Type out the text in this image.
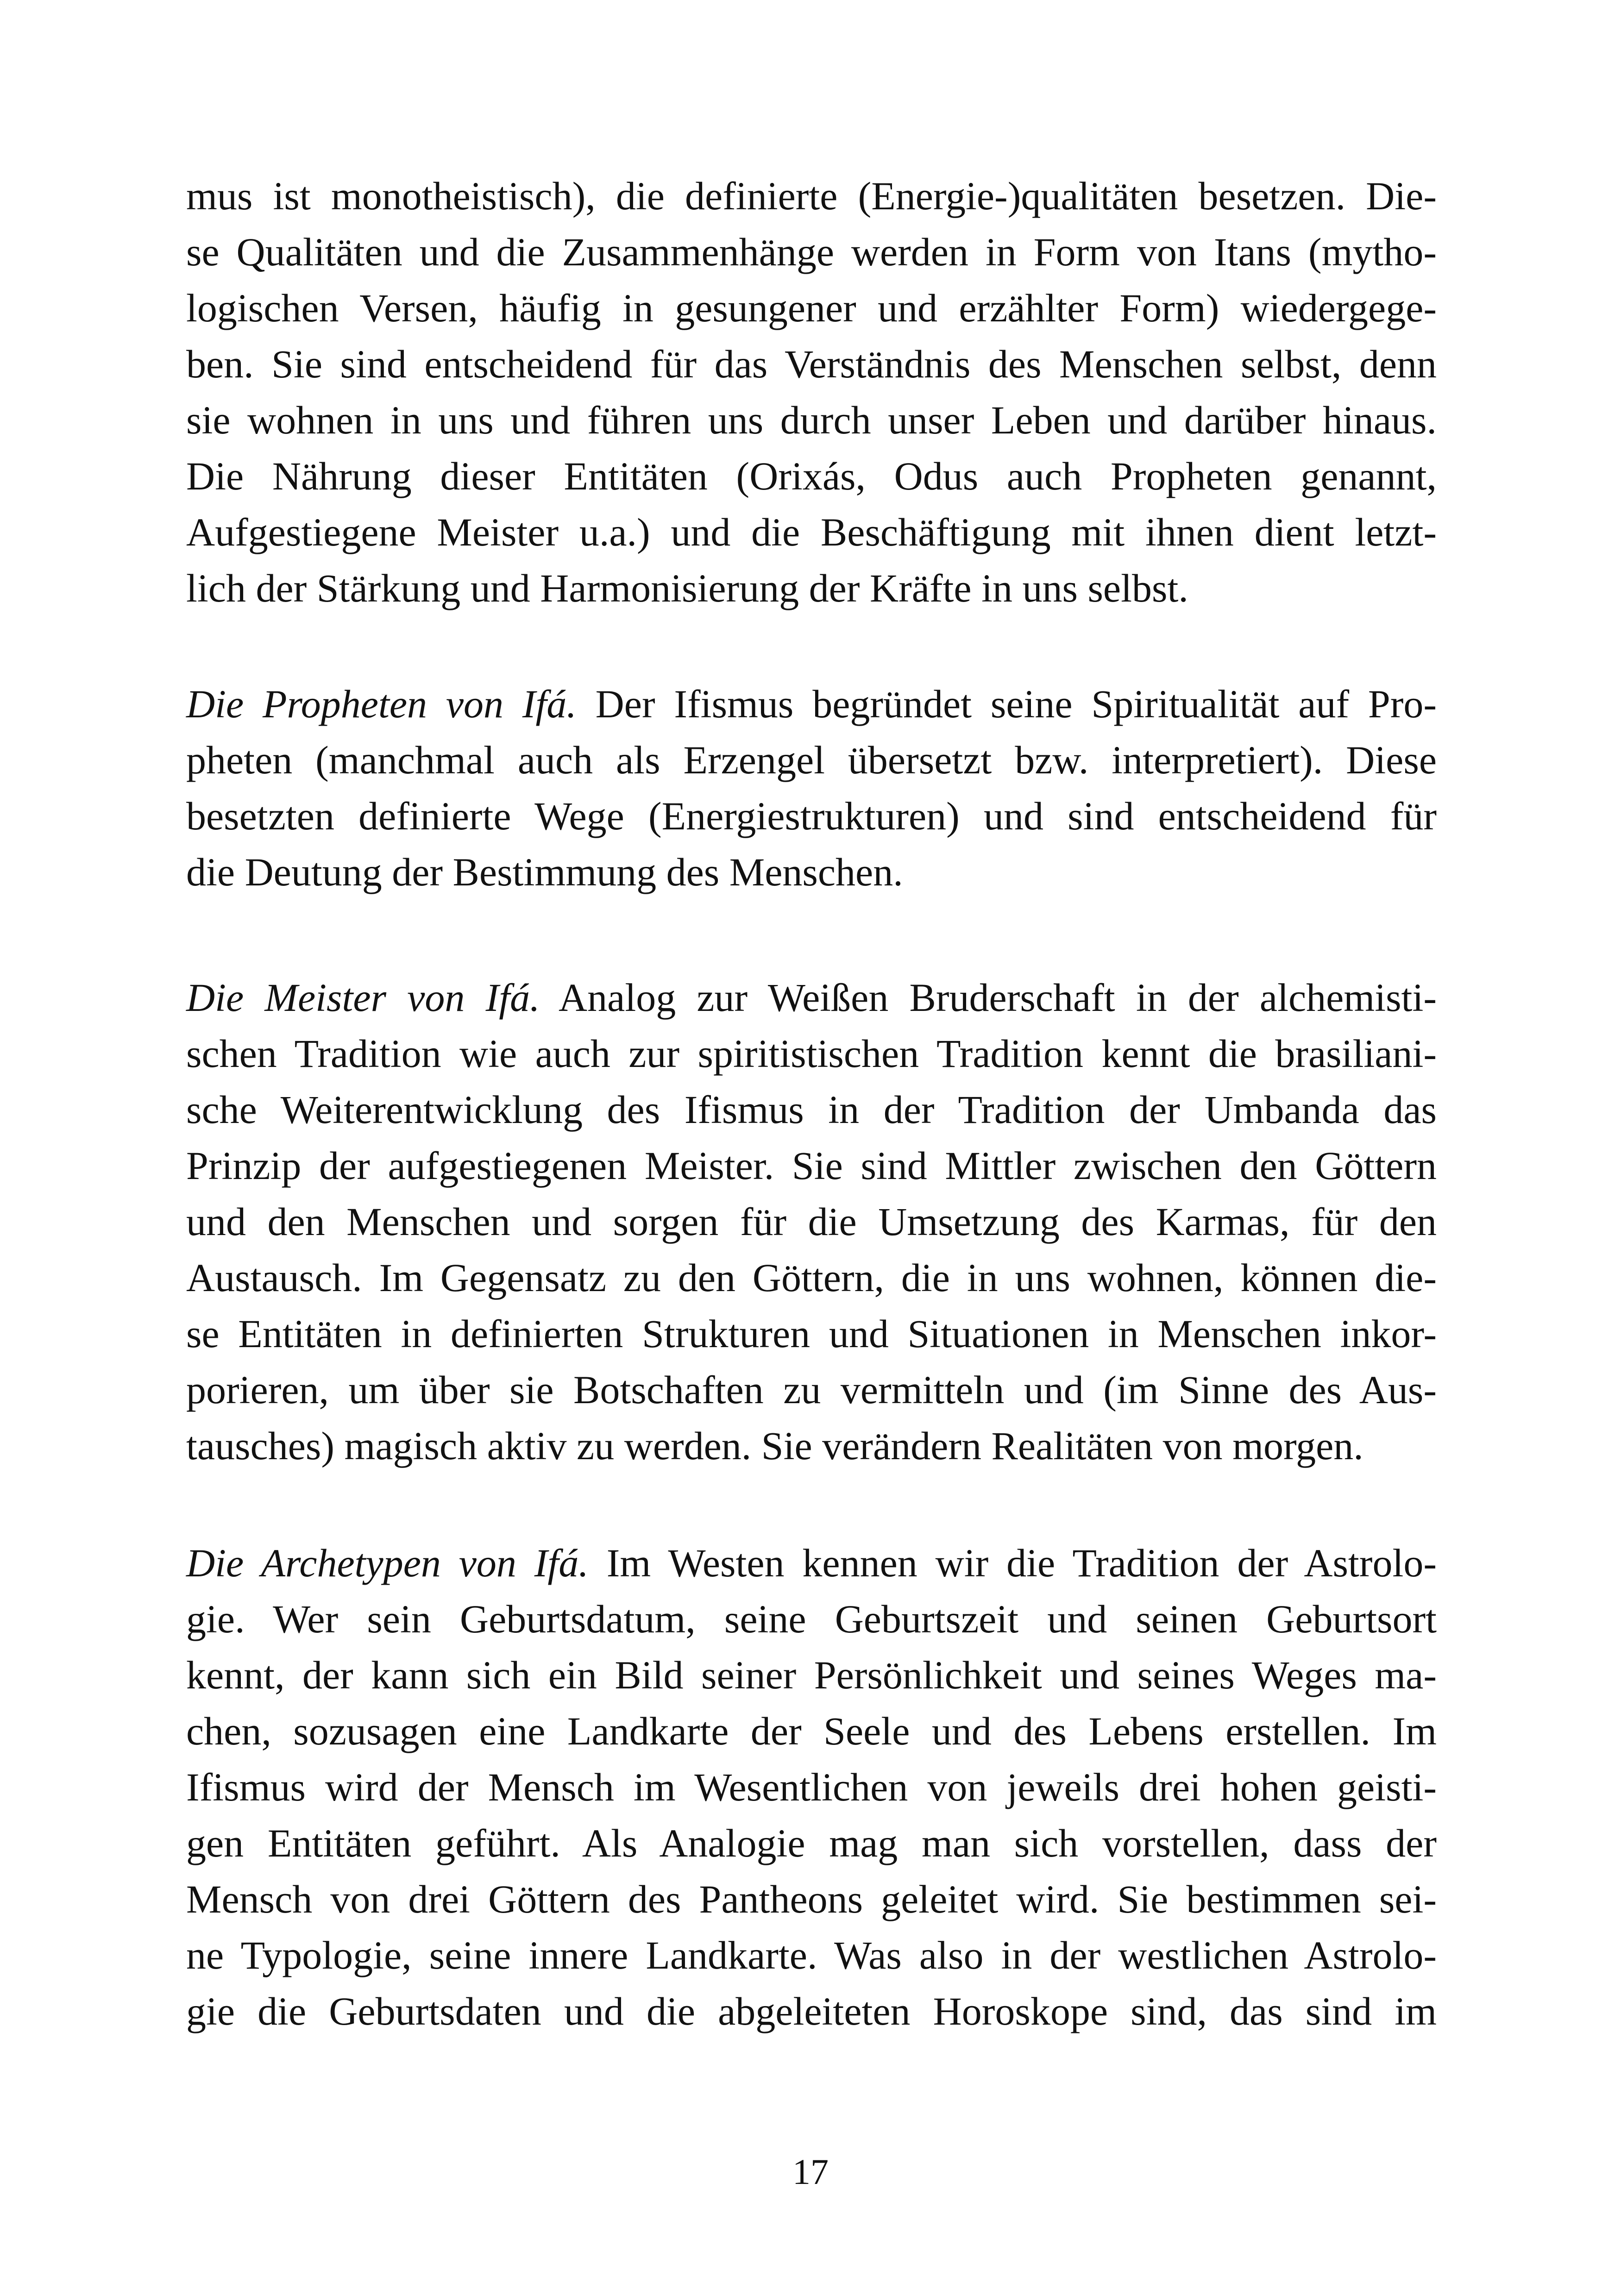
mus ist monotheistisch), die definierte (Energie-)qualitäten besetzen. Die-
se Qualitäten und die Zusammenhänge werden in Form von Itans (mytho-
logischen Versen, häufig in gesungener und erzählter Form) wiedergege-
ben. Sie sind entscheidend für das Verständnis des Menschen selbst, denn
sie wohnen in uns und führen uns durch unser Leben und darüber hinaus.
Die Nährung dieser Entitäten (Orixás, Odus auch Propheten genannt,
Aufgestiegene Meister u.a.) und die Beschäftigung mit ihnen dient letzt-
lich der Stärkung und Harmonisierung der Kräfte in uns selbst.
Die Propheten von Ifá. Der Ifismus begründet seine Spiritualität auf Pro-
pheten (manchmal auch als Erzengel übersetzt bzw. interpretiert). Diese
besetzten definierte Wege (Energiestrukturen) und sind entscheidend für
die Deutung der Bestimmung des Menschen.
Die Meister von Ifá. Analog zur Weißen Bruderschaft in der alchemisti-
schen Tradition wie auch zur spiritistischen Tradition kennt die brasiliani-
sche Weiterentwicklung des Ifismus in der Tradition der Umbanda das
Prinzip der aufgestiegenen Meister. Sie sind Mittler zwischen den Göttern
und den Menschen und sorgen für die Umsetzung des Karmas, für den
Austausch. Im Gegensatz zu den Göttern, die in uns wohnen, können die-
se Entitäten in definierten Strukturen und Situationen in Menschen inkor-
porieren, um über sie Botschaften zu vermitteln und (im Sinne des Aus-
tausches) magisch aktiv zu werden. Sie verändern Realitäten von morgen.
Die Archetypen von Ifá. Im Westen kennen wir die Tradition der Astrolo-
gie. Wer sein Geburtsdatum, seine Geburtszeit und seinen Geburtsort
kennt, der kann sich ein Bild seiner Persönlichkeit und seines Weges ma-
chen, sozusagen eine Landkarte der Seele und des Lebens erstellen. Im
Ifismus wird der Mensch im Wesentlichen von jeweils drei hohen geisti-
gen Entitäten geführt. Als Analogie mag man sich vorstellen, dass der
Mensch von drei Göttern des Pantheons geleitet wird. Sie bestimmen sei-
ne Typologie, seine innere Landkarte. Was also in der westlichen Astrolo-
gie die Geburtsdaten und die abgeleiteten Horoskope sind, das sind im
17
